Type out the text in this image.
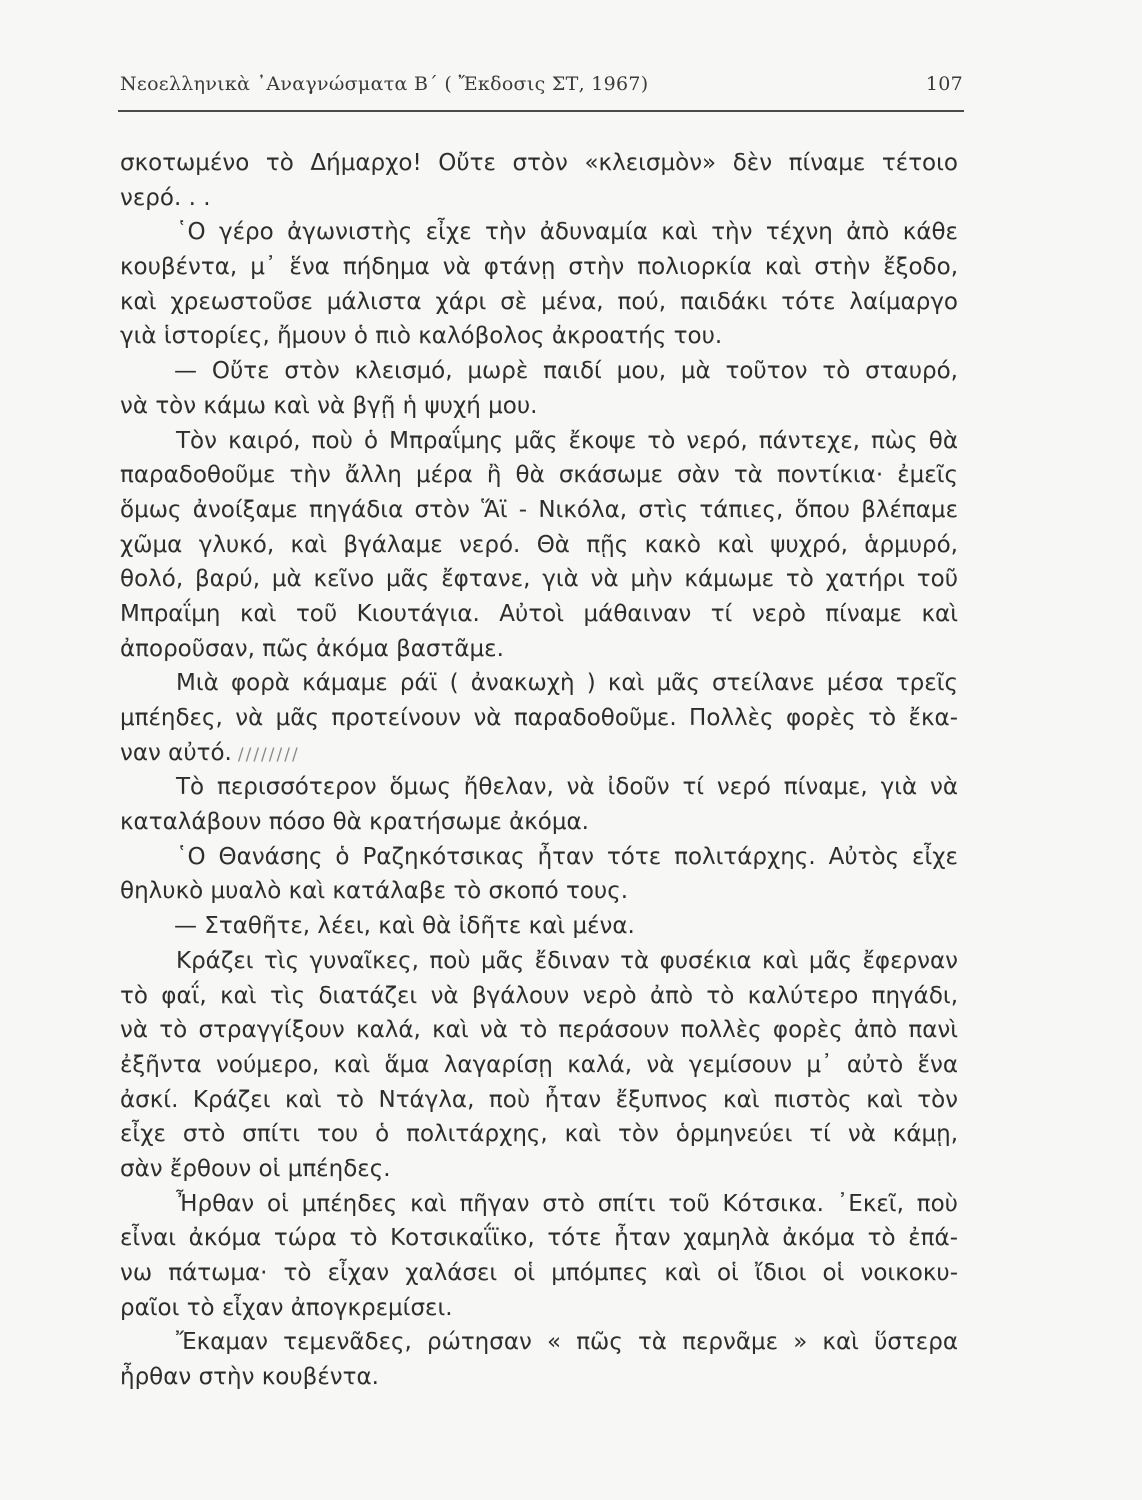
Νεοελληνικὰ ᾿Αναγνώσματα Β΄ ( Ἔκδοσις ΣΤ, 1967)	107
σκοτωμένο τὸ Δήμαρχο! Οὔτε στὸν «κλεισμὸν» δὲν πίναμε τέτοιο
νερό. . .
῾Ο γέρο ἀγωνιστὴς εἶχε τὴν ἀδυναμία καὶ τὴν τέχνη ἀπὸ κάθε
κουβέντα, μ᾿ ἕνα πήδημα νὰ φτάνῃ στὴν πολιορκία καὶ στὴν ἔξοδο,
καὶ χρεωστοῦσε μάλιστα χάρι σὲ μένα, πού, παιδάκι τότε λαίμαργο
γιὰ ἱστορίες, ἤμουν ὁ πιὸ καλόβολος ἀκροατής του.
— Οὔτε στὸν κλεισμό, μωρὲ παιδί μου, μὰ τοῦτον τὸ σταυρό,
νὰ τὸν κάμω καὶ νὰ βγῇ ἡ ψυχή μου.
Τὸν καιρό, ποὺ ὁ Μπραΐμης μᾶς ἔκοψε τὸ νερό, πάντεχε, πὼς θὰ
παραδοθοῦμε τὴν ἄλλη μέρα ἢ θὰ σκάσωμε σὰν τὰ ποντίκια· ἐμεῖς
ὅμως ἀνοίξαμε πηγάδια στὸν Ἅϊ - Νικόλα, στὶς τάπιες, ὅπου βλέπαμε
χῶμα γλυκό, καὶ βγάλαμε νερό. Θὰ πῇς κακὸ καὶ ψυχρό, ἁρμυρό,
θολό, βαρύ, μὰ κεῖνο μᾶς ἔφτανε, γιὰ νὰ μὴν κάμωμε τὸ χατήρι τοῦ
Μπραΐμη καὶ τοῦ Κιουτάγια. Αὐτοὶ μάθαιναν τί νερὸ πίναμε καὶ
ἀποροῦσαν, πῶς ἀκόμα βαστᾶμε.
Μιὰ φορὰ κάμαμε ράϊ ( ἀνακωχὴ ) καὶ μᾶς στείλανε μέσα τρεῖς
μπέηδες, νὰ μᾶς προτείνουν νὰ παραδοθοῦμε. Πολλὲς φορὲς τὸ ἔκα-
ναν αὐτό. ////////
Τὸ περισσότερον ὅμως ἤθελαν, νὰ ἰδοῦν τί νερό πίναμε, γιὰ νὰ
καταλάβουν πόσο θὰ κρατήσωμε ἀκόμα.
῾Ο Θανάσης ὁ Ραζηκότσικας ἦταν τότε πολιτάρχης. Αὐτὸς εἶχε
θηλυκὸ μυαλὸ καὶ κατάλαβε τὸ σκοπό τους.
— Σταθῆτε, λέει, καὶ θὰ ἰδῆτε καὶ μένα.
Κράζει τὶς γυναῖκες, ποὺ μᾶς ἔδιναν τὰ φυσέκια καὶ μᾶς ἔφερναν
τὸ φαΐ, καὶ τὶς διατάζει νὰ βγάλουν νερὸ ἀπὸ τὸ καλύτερο πηγάδι,
νὰ τὸ στραγγίξουν καλά, καὶ νὰ τὸ περάσουν πολλὲς φορὲς ἀπὸ πανὶ
ἐξῆντα νούμερο, καὶ ἅμα λαγαρίσῃ καλά, νὰ γεμίσουν μ᾿ αὐτὸ ἕνα
ἀσκί. Κράζει καὶ τὸ Ντάγλα, ποὺ ἦταν ἔξυπνος καὶ πιστὸς καὶ τὸν
εἶχε στὸ σπίτι του ὁ πολιτάρχης, καὶ τὸν ὁρμηνεύει τί νὰ κάμῃ,
σὰν ἔρθουν οἱ μπέηδες.
Ἦρθαν οἱ μπέηδες καὶ πῆγαν στὸ σπίτι τοῦ Κότσικα. ᾿Εκεῖ, ποὺ
εἶναι ἀκόμα τώρα τὸ Κοτσικαΐϊκο, τότε ἦταν χαμηλὰ ἀκόμα τὸ ἐπά-
νω πάτωμα· τὸ εἶχαν χαλάσει οἱ μπόμπες καὶ οἱ ἴδιοι οἱ νοικοκυ-
ραῖοι τὸ εἶχαν ἀπογκρεμίσει.
Ἔκαμαν τεμενᾶδες, ρώτησαν « πῶς τὰ περνᾶμε » καὶ ὕστερα
ἦρθαν στὴν κουβέντα.
